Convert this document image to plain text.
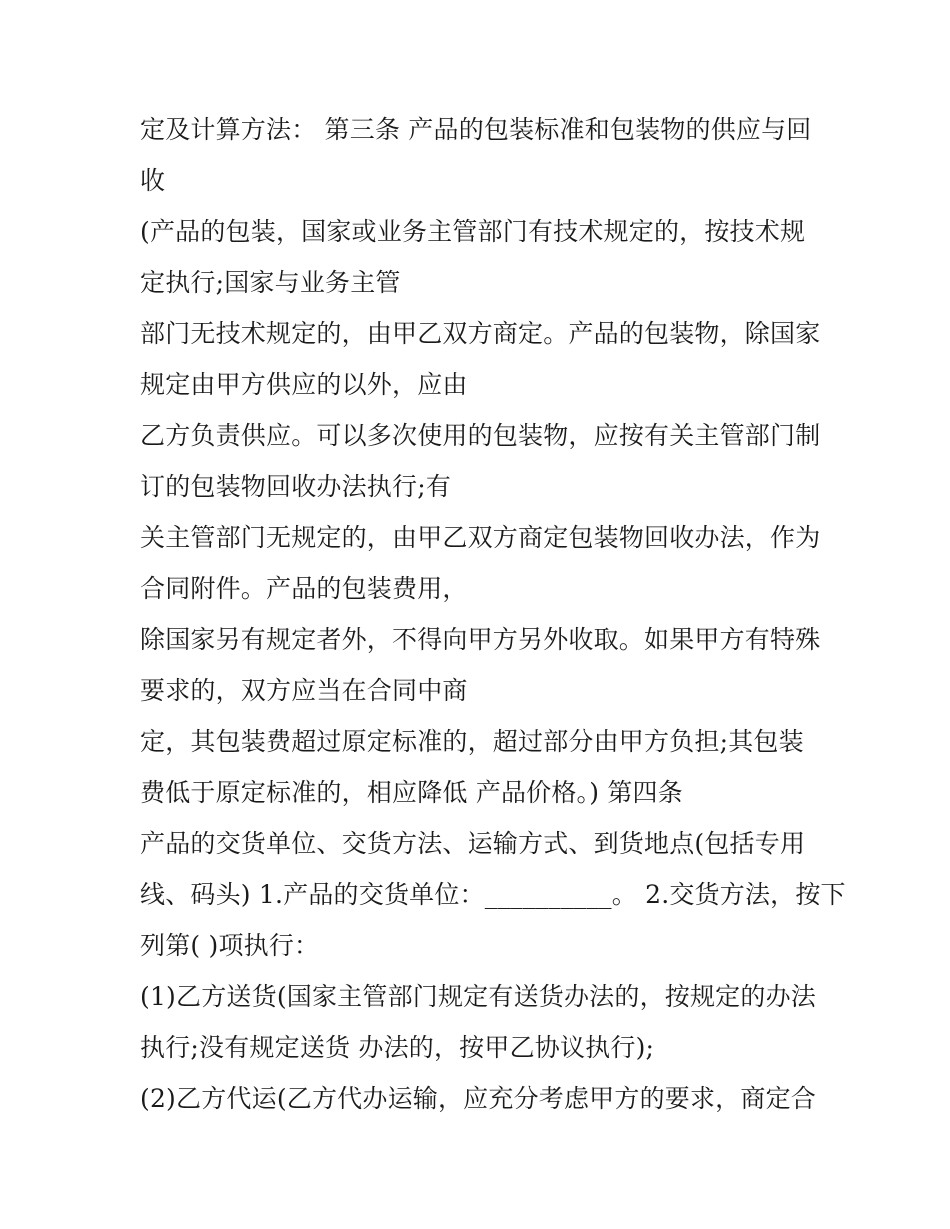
定及计算方法： 第三条 产品的包装标准和包装物的供应与回
收
(产品的包装，国家或业务主管部门有技术规定的，按技术规
定执行;国家与业务主管
部门无技术规定的，由甲乙双方商定。产品的包装物，除国家
规定由甲方供应的以外，应由
乙方负责供应。可以多次使用的包装物，应按有关主管部门制
订的包装物回收办法执行;有
关主管部门无规定的，由甲乙双方商定包装物回收办法，作为
合同附件。产品的包装费用，
除国家另有规定者外，不得向甲方另外收取。如果甲方有特殊
要求的，双方应当在合同中商
定，其包装费超过原定标准的，超过部分由甲方负担;其包装
费低于原定标准的，相应降低 产品价格。) 第四条
产品的交货单位、交货方法、运输方式、到货地点(包括专用
线、码头) 1.产品的交货单位：__________。 2.交货方法，按下
列第( )项执行：
(1)乙方送货(国家主管部门规定有送货办法的，按规定的办法
执行;没有规定送货 办法的，按甲乙协议执行);
(2)乙方代运(乙方代办运输，应充分考虑甲方的要求，商定合
